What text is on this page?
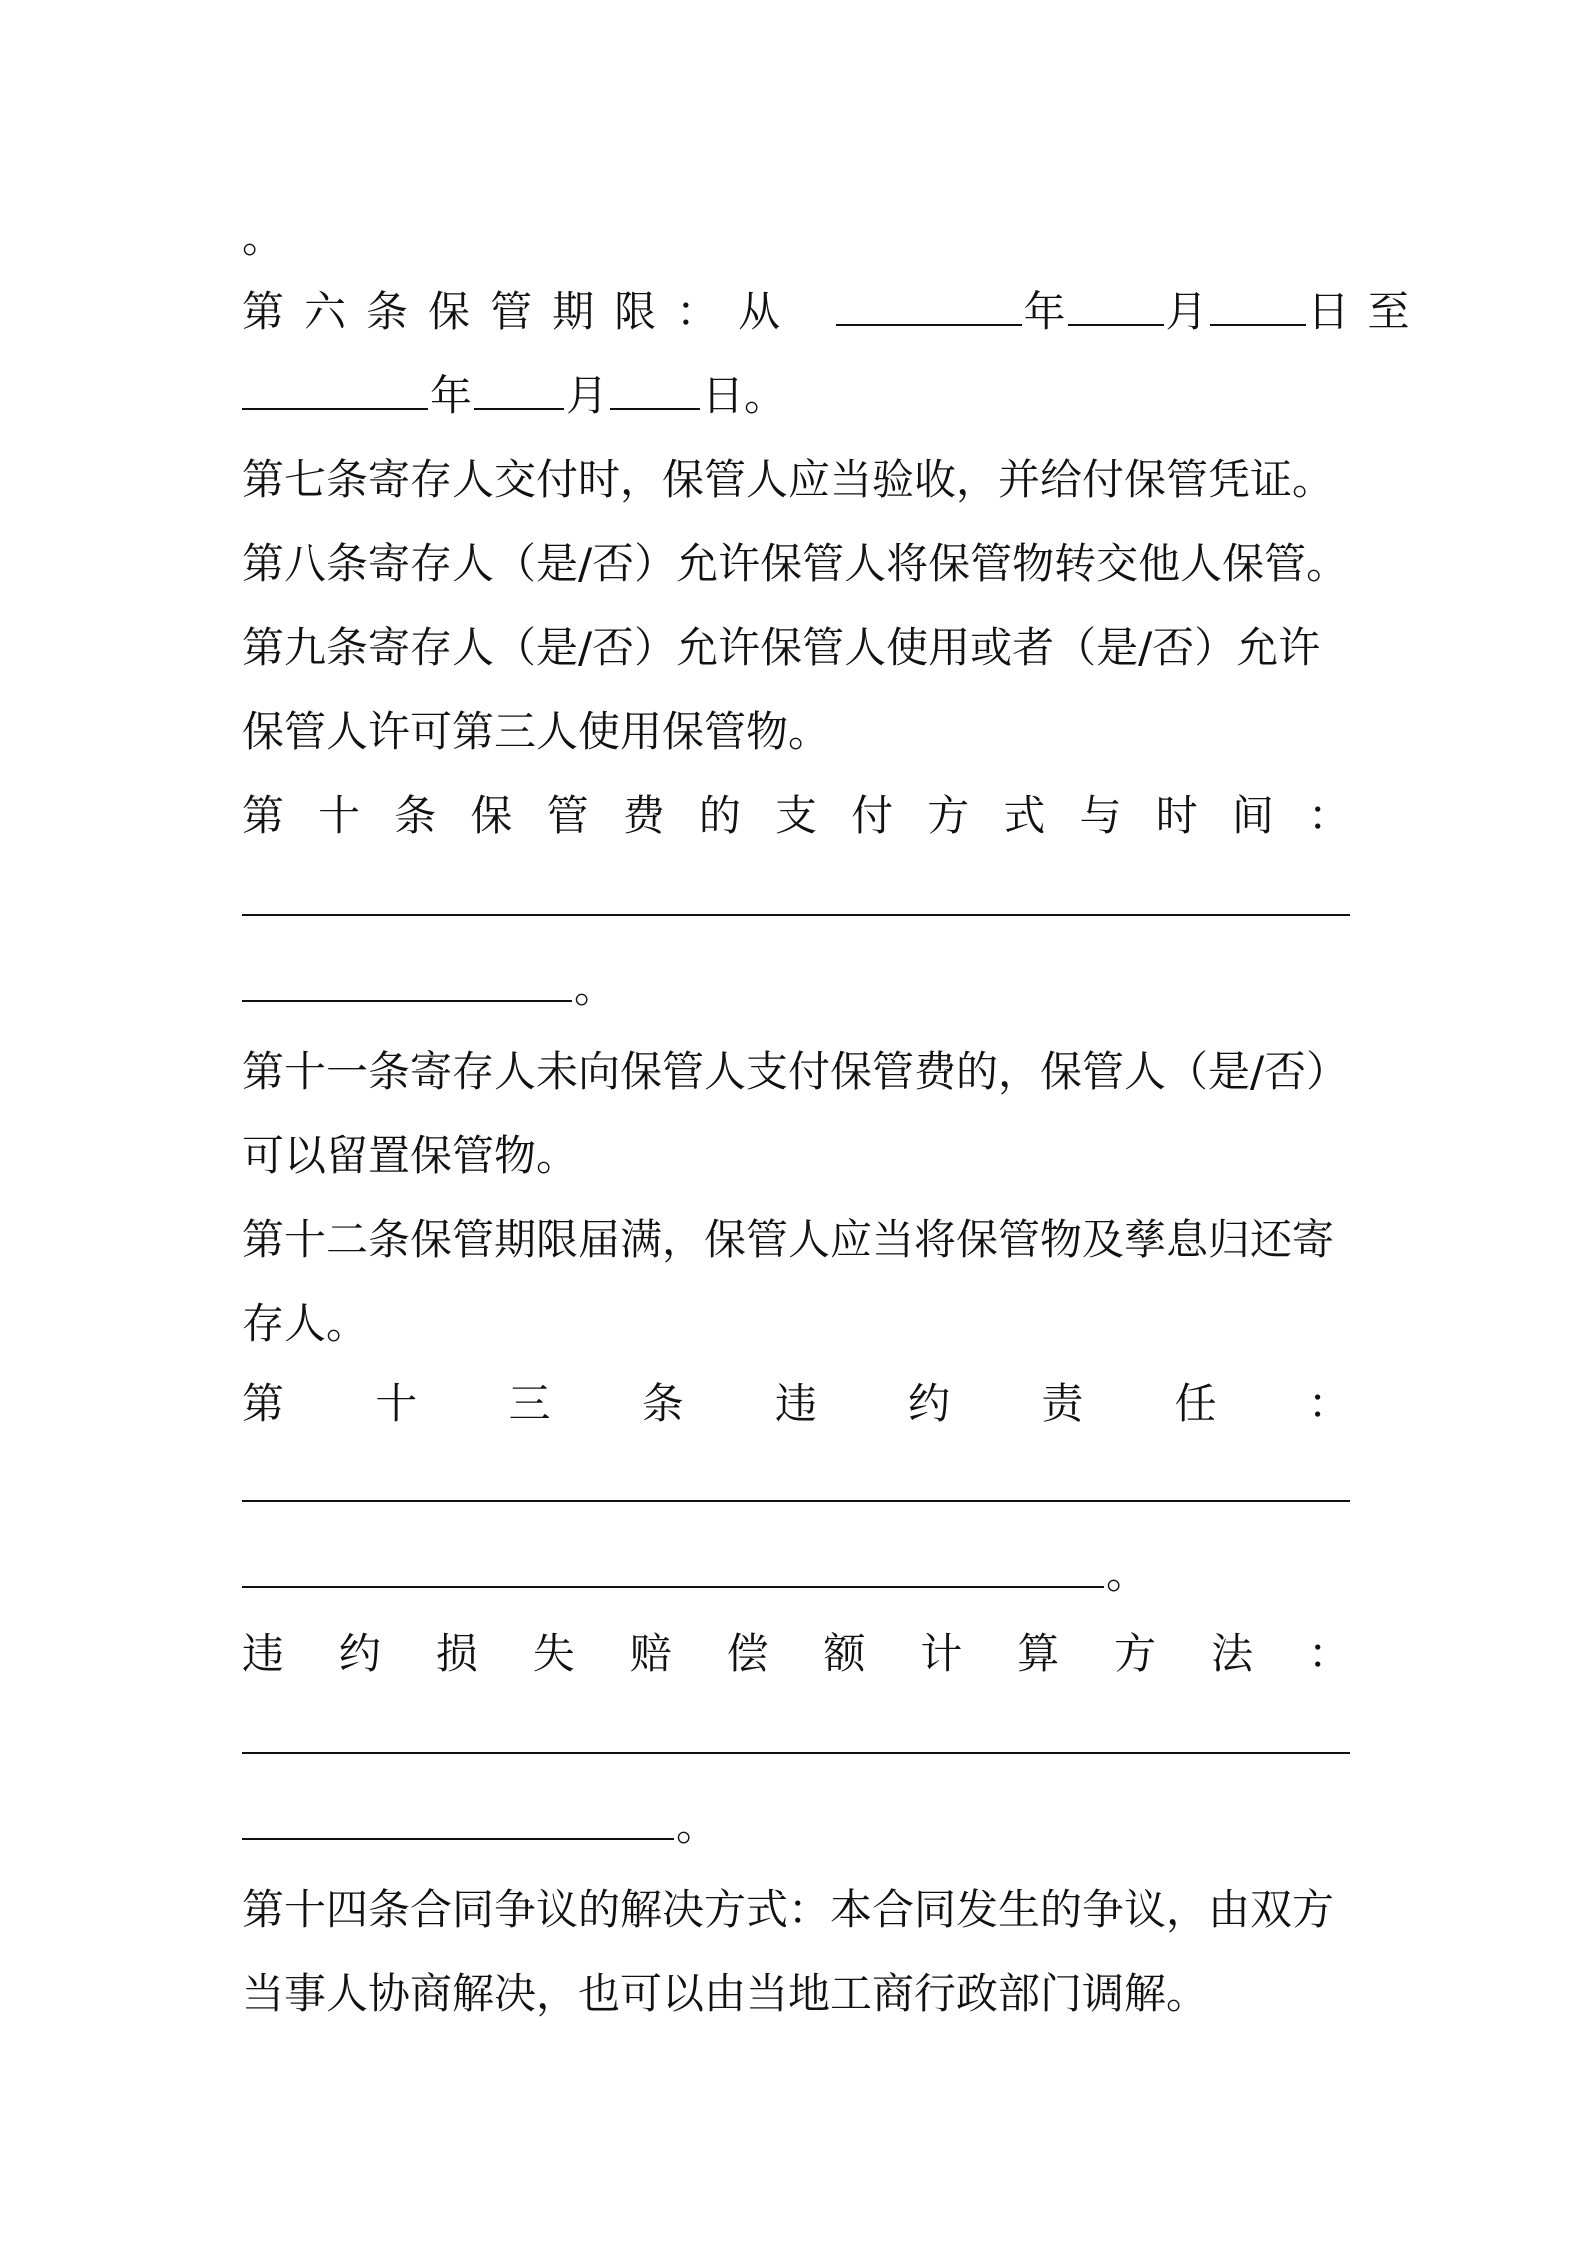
。
第六条保管期限：从	年 月 日至
年 月 日。
第七条寄存人交付时，保管人应当验收，并给付保管凭证。
第八条寄存人（是/否）允许保管人将保管物转交他人保管。
第九条寄存人（是/否）允许保管人使用或者（是/否）允许
保管人许可第三人使用保管物。
第 十 条 保 管 费 的 支 付 方 式 与 时 间 ：
。
第十一条寄存人未向保管人支付保管费的，保管人（是/否）
可以留置保管物。
第十二条保管期限届满，保管人应当将保管物及孳息归还寄
存人。
第 十 三 条 违 约 责 任 ：
。
违 约 损 失 赔 偿 额 计 算 方 法 ：
。
第十四条合同争议的解决方式：本合同发生的争议，由双方
当事人协商解决，也可以由当地工商行政部门调解。
